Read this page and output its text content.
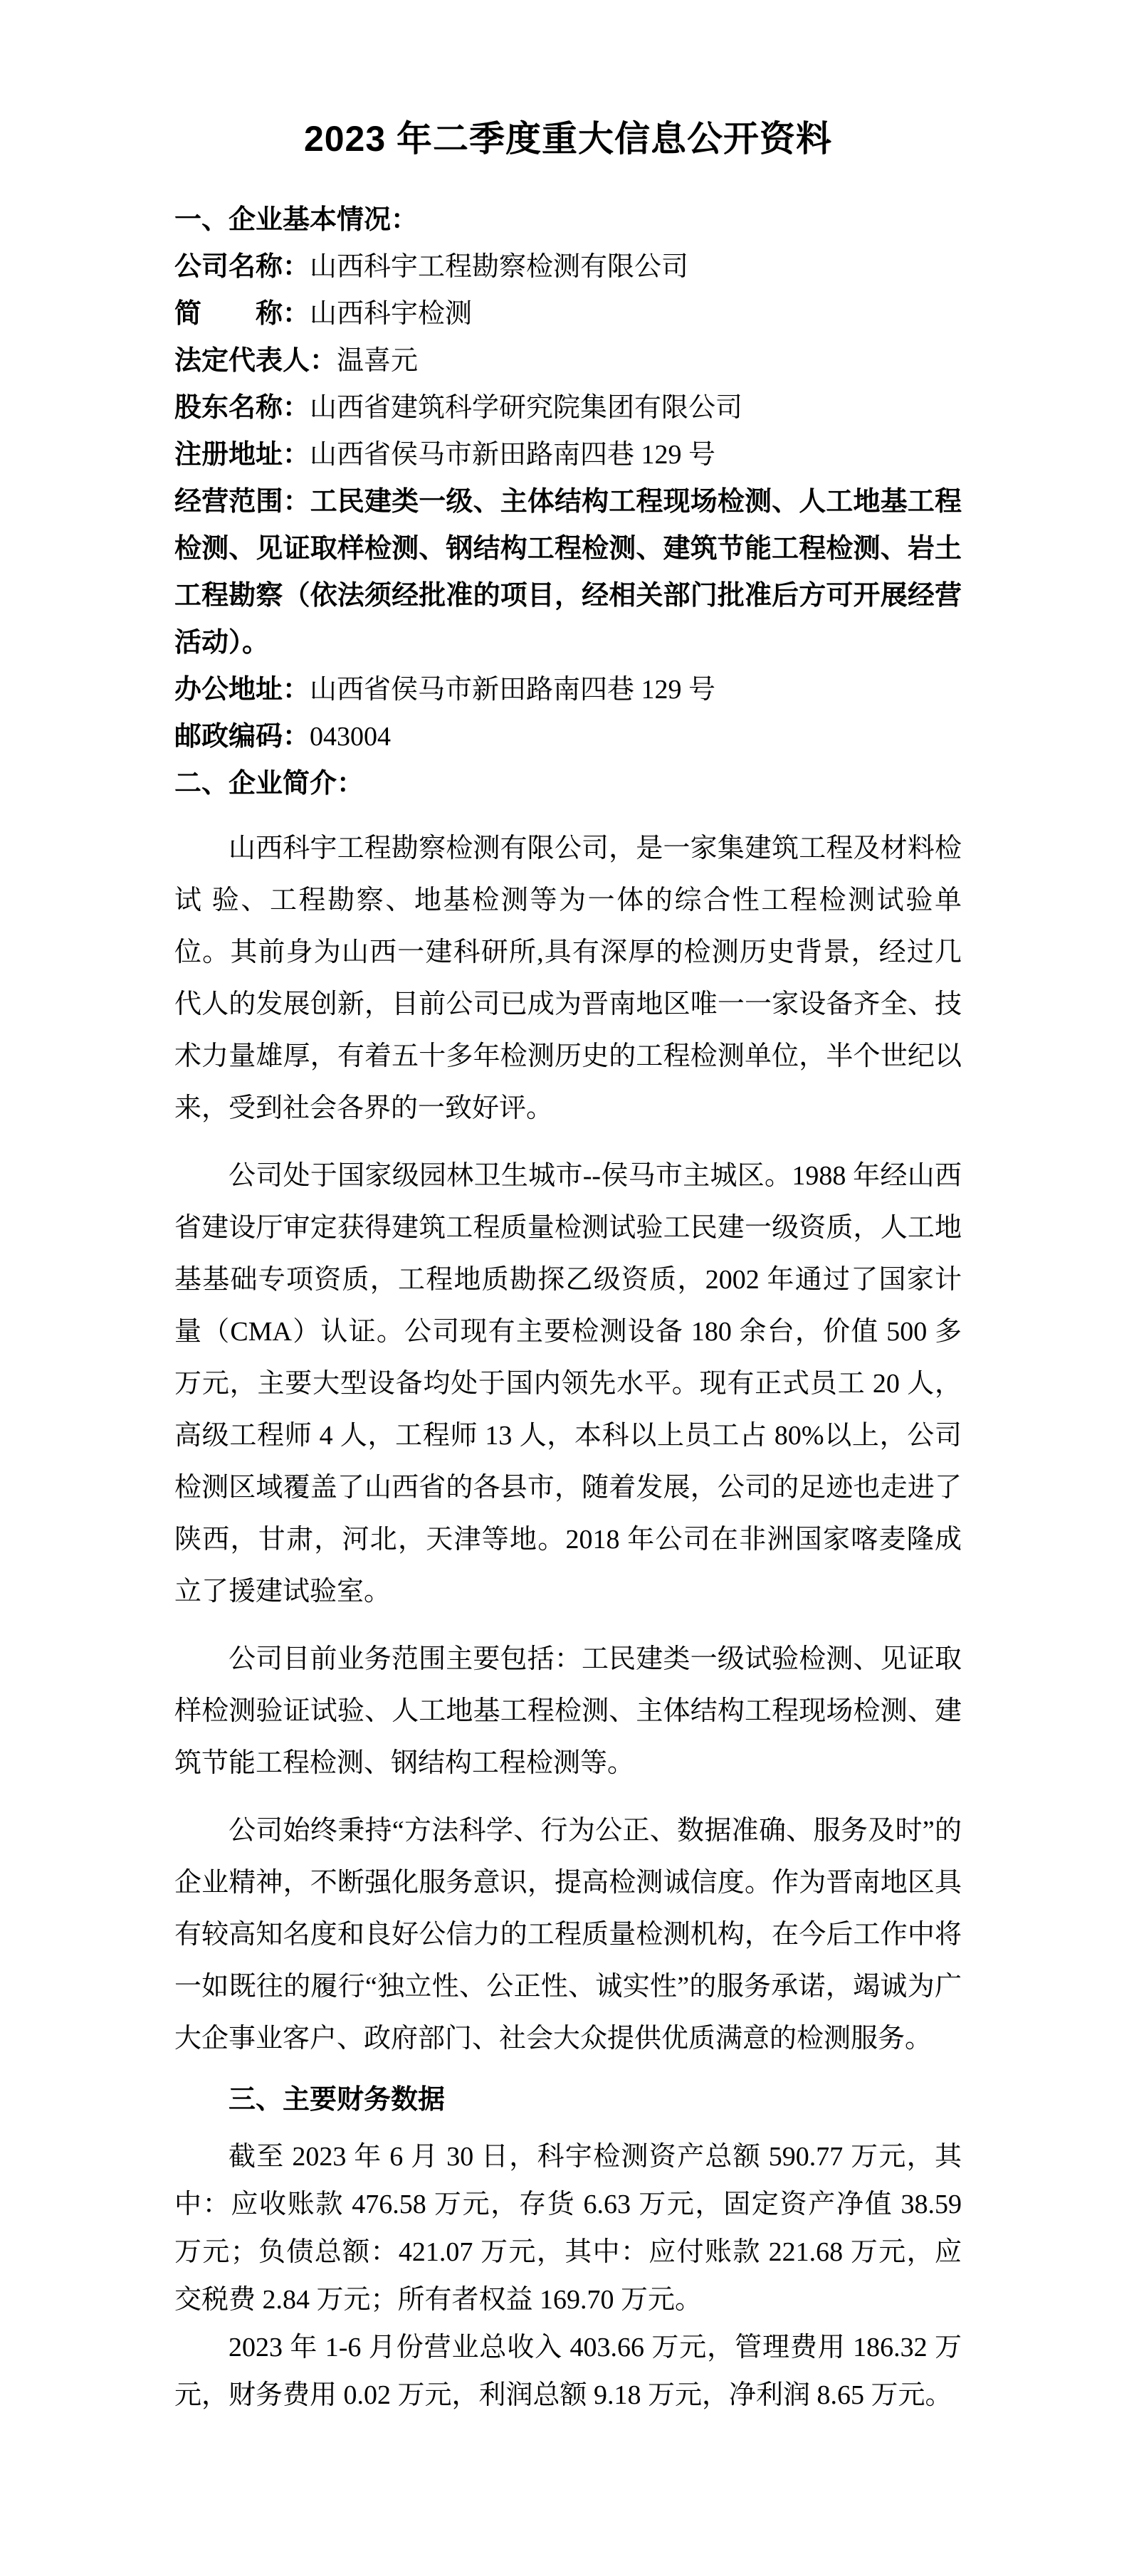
2023 年二季度重大信息公开资料
一、企业基本情况：
公司名称：山西科宇工程勘察检测有限公司
简　　称：山西科宇检测
法定代表人：温喜元
股东名称：山西省建筑科学研究院集团有限公司
注册地址：山西省侯马市新田路南四巷 129 号
经营范围：工民建类一级、主体结构工程现场检测、人工地基工程检测、见证取样检测、钢结构工程检测、建筑节能工程检测、岩土工程勘察（依法须经批准的项目，经相关部门批准后方可开展经营活动）。
办公地址：山西省侯马市新田路南四巷 129 号
邮政编码：043004
二、企业简介：

山西科宇工程勘察检测有限公司，是一家集建筑工程及材料检试 验、工程勘察、地基检测等为一体的综合性工程检测试验单位。其前身为山西一建科研所,具有深厚的检测历史背景，经过几代人的发展创新，目前公司已成为晋南地区唯一一家设备齐全、技术力量雄厚，有着五十多年检测历史的工程检测单位，半个世纪以来，受到社会各界的一致好评。

公司处于国家级园林卫生城市--侯马市主城区。1988 年经山西省建设厅审定获得建筑工程质量检测试验工民建一级资质，人工地基基础专项资质，工程地质勘探乙级资质，2002 年通过了国家计量（CMA）认证。公司现有主要检测设备 180 余台，价值 500 多万元，主要大型设备均处于国内领先水平。现有正式员工 20 人，高级工程师 4 人，工程师 13 人，本科以上员工占 80%以上，公司检测区域覆盖了山西省的各县市，随着发展，公司的足迹也走进了陕西，甘肃，河北，天津等地。2018 年公司在非洲国家喀麦隆成立了援建试验室。

公司目前业务范围主要包括：工民建类一级试验检测、见证取样检测验证试验、人工地基工程检测、主体结构工程现场检测、建筑节能工程检测、钢结构工程检测等。

公司始终秉持“方法科学、行为公正、数据准确、服务及时”的企业精神，不断强化服务意识，提高检测诚信度。作为晋南地区具有较高知名度和良好公信力的工程质量检测机构，在今后工作中将一如既往的履行“独立性、公正性、诚实性”的服务承诺，竭诚为广大企事业客户、政府部门、社会大众提供优质满意的检测服务。

三、主要财务数据

截至 2023 年 6 月 30 日，科宇检测资产总额 590.77 万元，其中：应收账款 476.58 万元，存货 6.63 万元，固定资产净值 38.59 万元；负债总额：421.07 万元，其中：应付账款 221.68 万元，应交税费 2.84 万元；所有者权益 169.70 万元。

2023 年 1-6 月份营业总收入 403.66 万元，管理费用 186.32 万元，财务费用 0.02 万元，利润总额 9.18 万元，净利润 8.65 万元。
